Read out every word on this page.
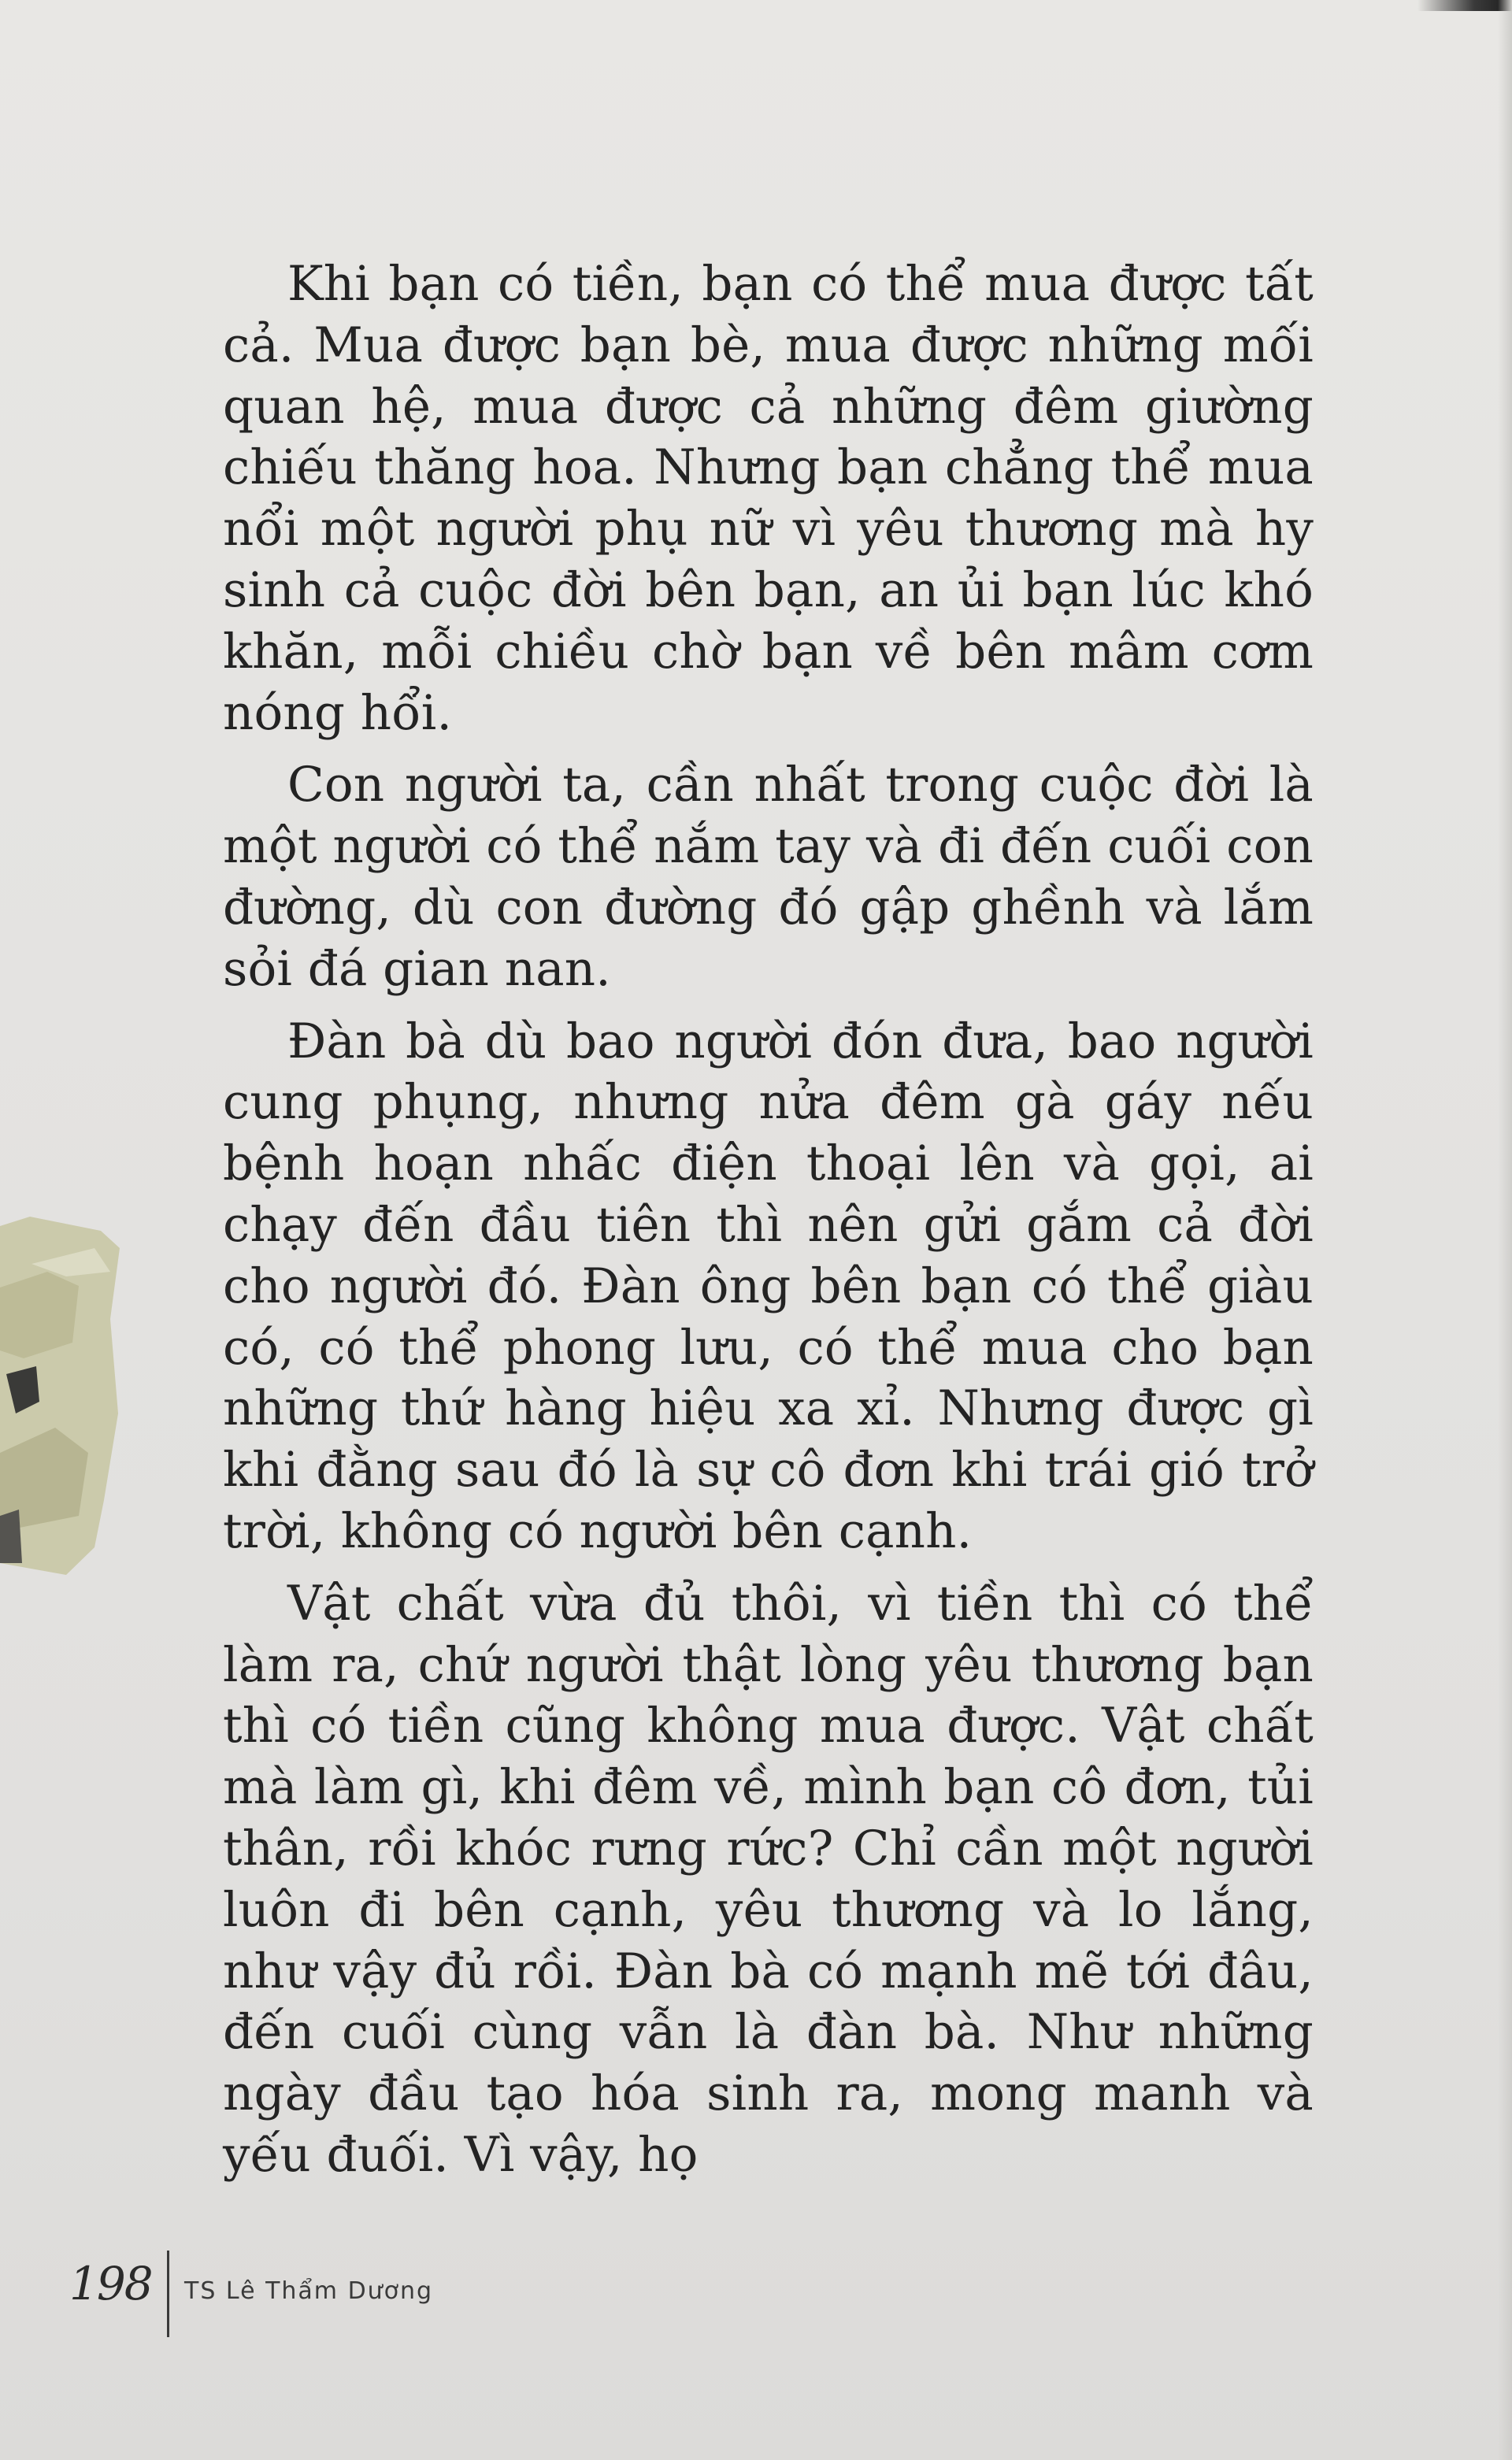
Khi bạn có tiền, bạn có thể mua được tất cả. Mua được bạn bè, mua được những mối quan hệ, mua được cả những đêm giường chiếu thăng hoa. Nhưng bạn chẳng thể mua nổi một người phụ nữ vì yêu thương mà hy sinh cả cuộc đời bên bạn, an ủi bạn lúc khó khăn, mỗi chiều chờ bạn về bên mâm cơm nóng hổi.

Con người ta, cần nhất trong cuộc đời là một người có thể nắm tay và đi đến cuối con đường, dù con đường đó gập ghềnh và lắm sỏi đá gian nan.

Đàn bà dù bao người đón đưa, bao người cung phụng, nhưng nửa đêm gà gáy nếu bệnh hoạn nhấc điện thoại lên và gọi, ai chạy đến đầu tiên thì nên gửi gắm cả đời cho người đó. Đàn ông bên bạn có thể giàu có, có thể phong lưu, có thể mua cho bạn những thứ hàng hiệu xa xỉ. Nhưng được gì khi đằng sau đó là sự cô đơn khi trái gió trở trời, không có người bên cạnh.

Vật chất vừa đủ thôi, vì tiền thì có thể làm ra, chứ người thật lòng yêu thương bạn thì có tiền cũng không mua được. Vật chất mà làm gì, khi đêm về, mình bạn cô đơn, tủi thân, rồi khóc rưng rức? Chỉ cần một người luôn đi bên cạnh, yêu thương và lo lắng, như vậy đủ rồi. Đàn bà có mạnh mẽ tới đâu, đến cuối cùng vẫn là đàn bà. Như những ngày đầu tạo hóa sinh ra, mong manh và yếu đuối. Vì vậy, họ

198 TS Lê Thẩm Dương
